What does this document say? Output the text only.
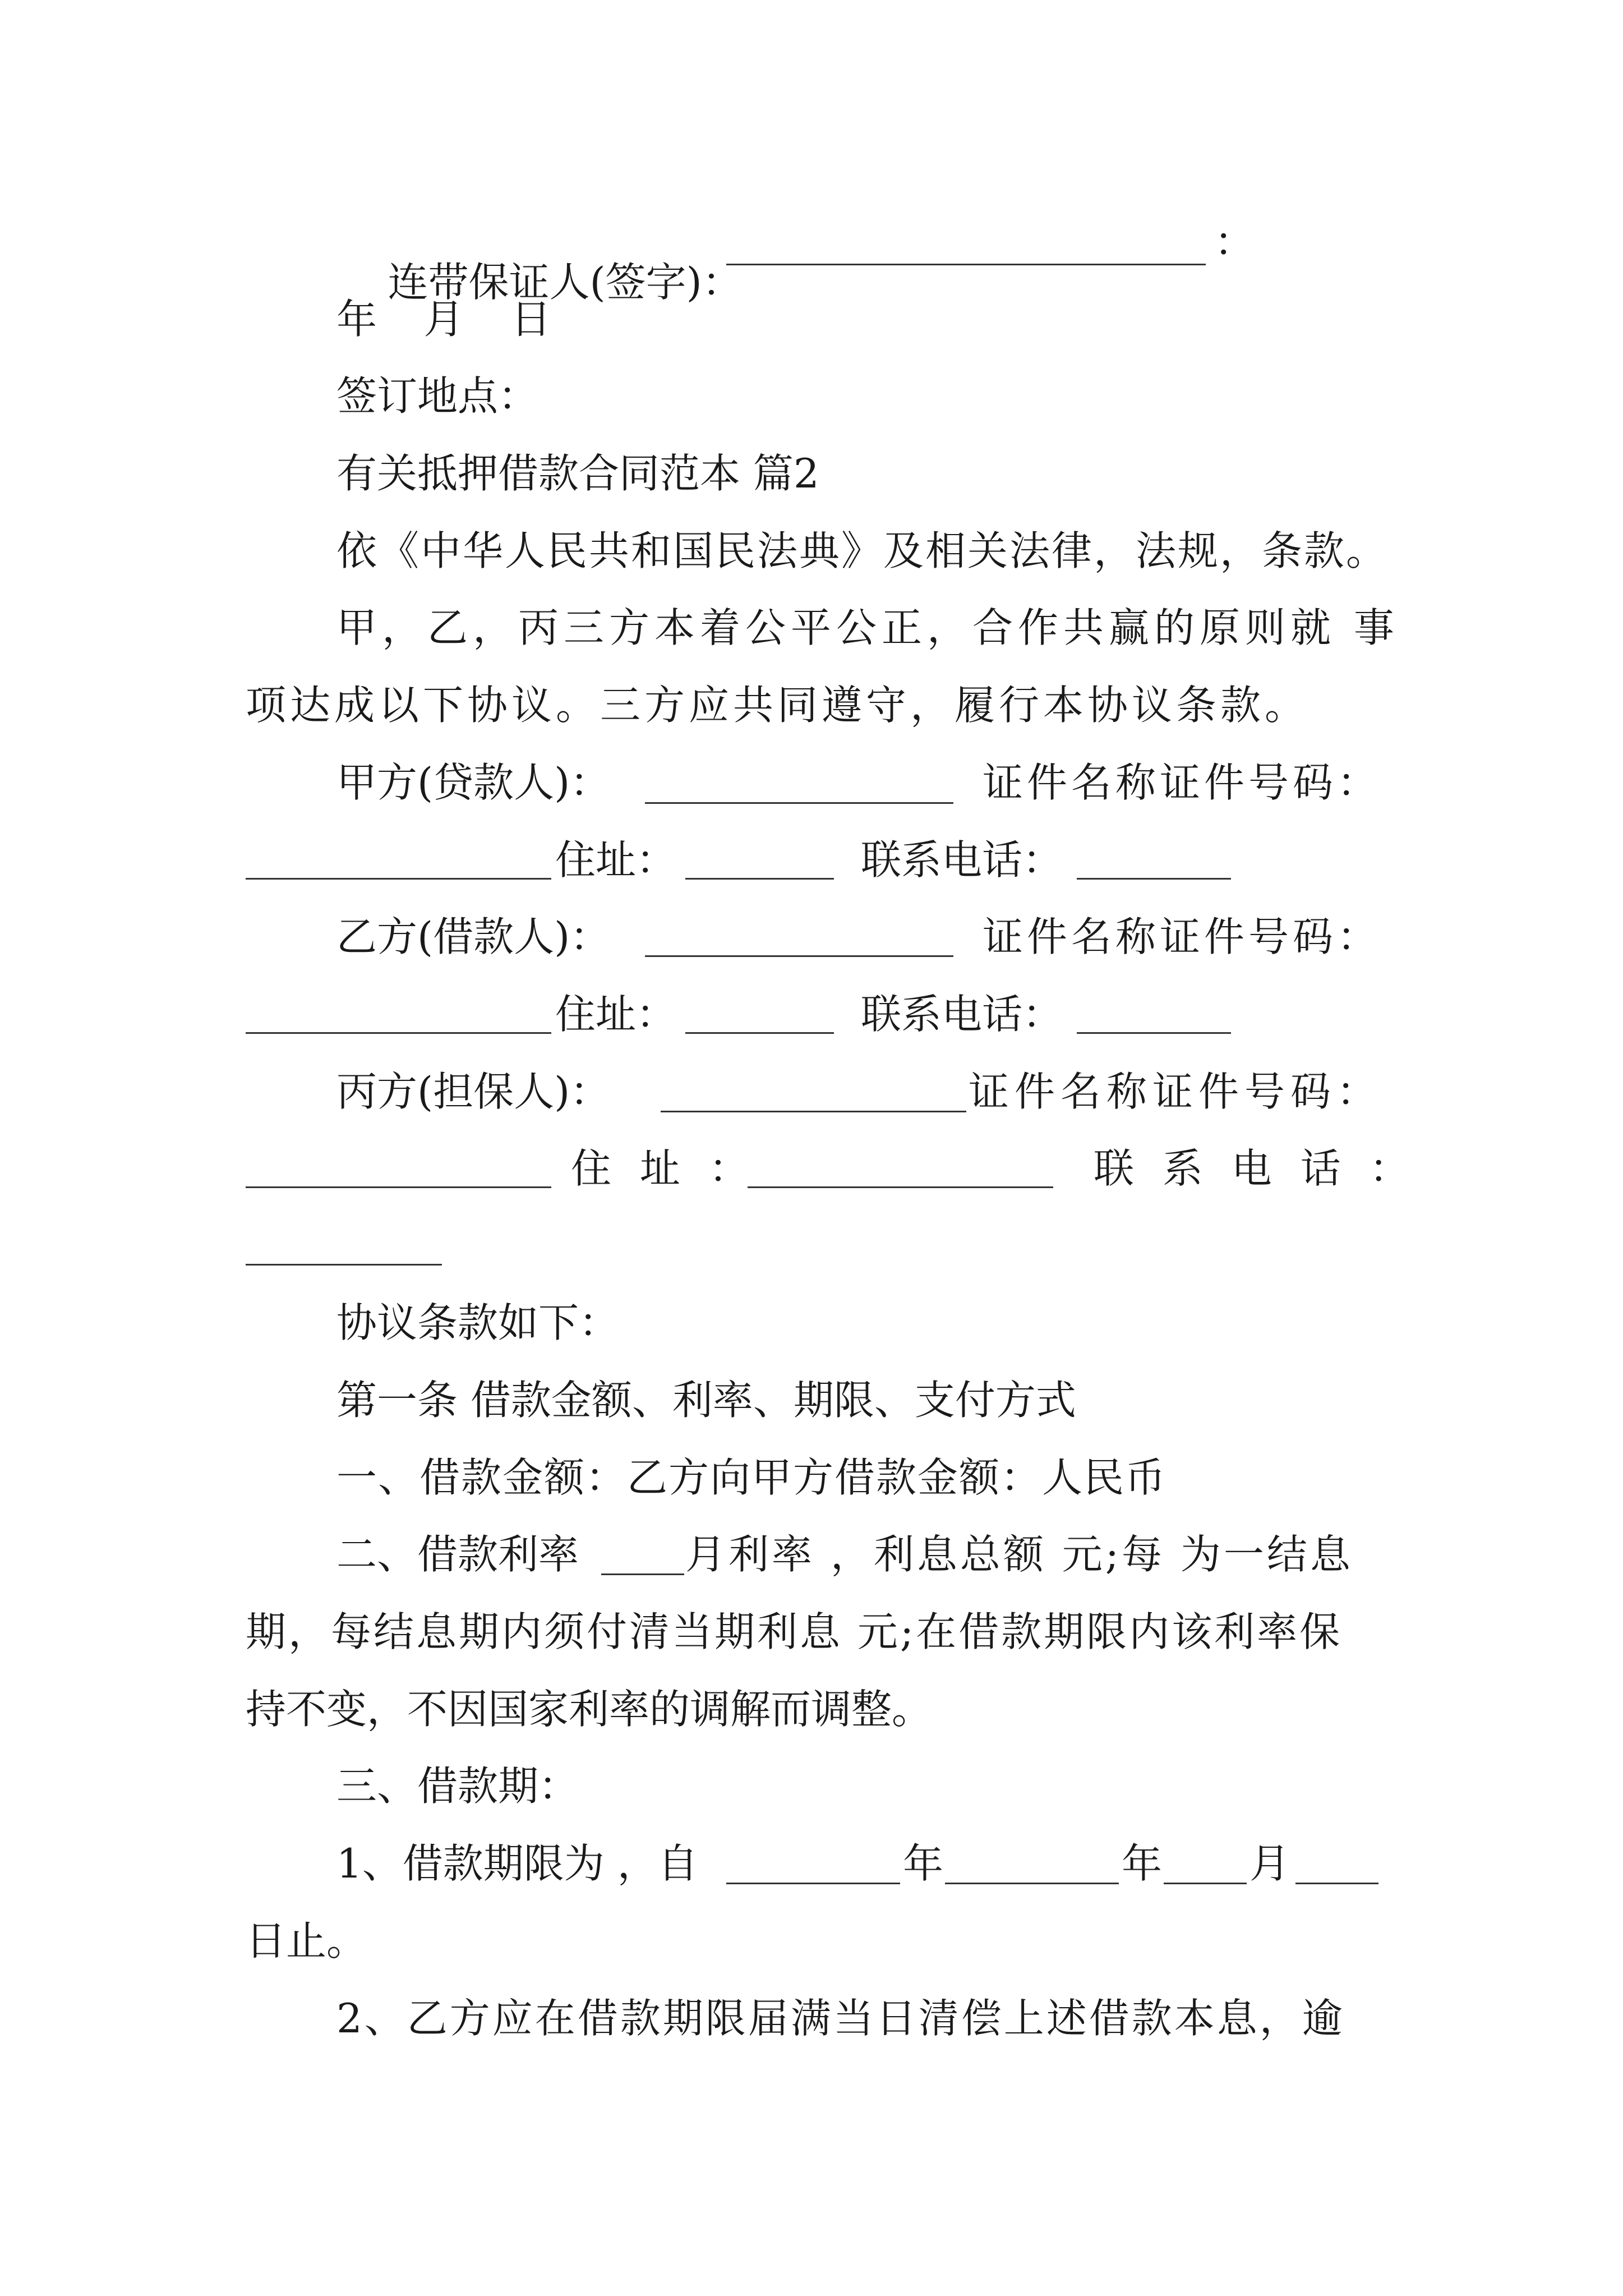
连带保证人(签字)：

：
年 月 日
签订地点：
有关抵押借款合同范本 篇2
依《中华人民共和国民法典》及相关法律，法规，条款。
甲，乙，丙三方本着公平公正，合作共赢的原则就 事
项达成以下协议。三方应共同遵守，履行本协议条款。
甲方(贷款人)：	证件名称证件号码：
住址：	联系电话：
乙方(借款人)：	证件名称证件号码：
住址：	联系电话：
丙方(担保人)：	证件名称证件号码：
住 址 ：	联 系 电 话 ：
协议条款如下：
第一条 借款金额、利率、期限、支付方式
一、借款金额：乙方向甲方借款金额：人民币
二、借款利率	月利率 ，利息总额 元;每 为一结息
期，每结息期内须付清当期利息 元;在借款期限内该利率保
持不变，不因国家利率的调解而调整。
三、借款期：
1、借款期限为 ，自	年	年 月
日止。
2、乙方应在借款期限届满当日清偿上述借款本息，逾
